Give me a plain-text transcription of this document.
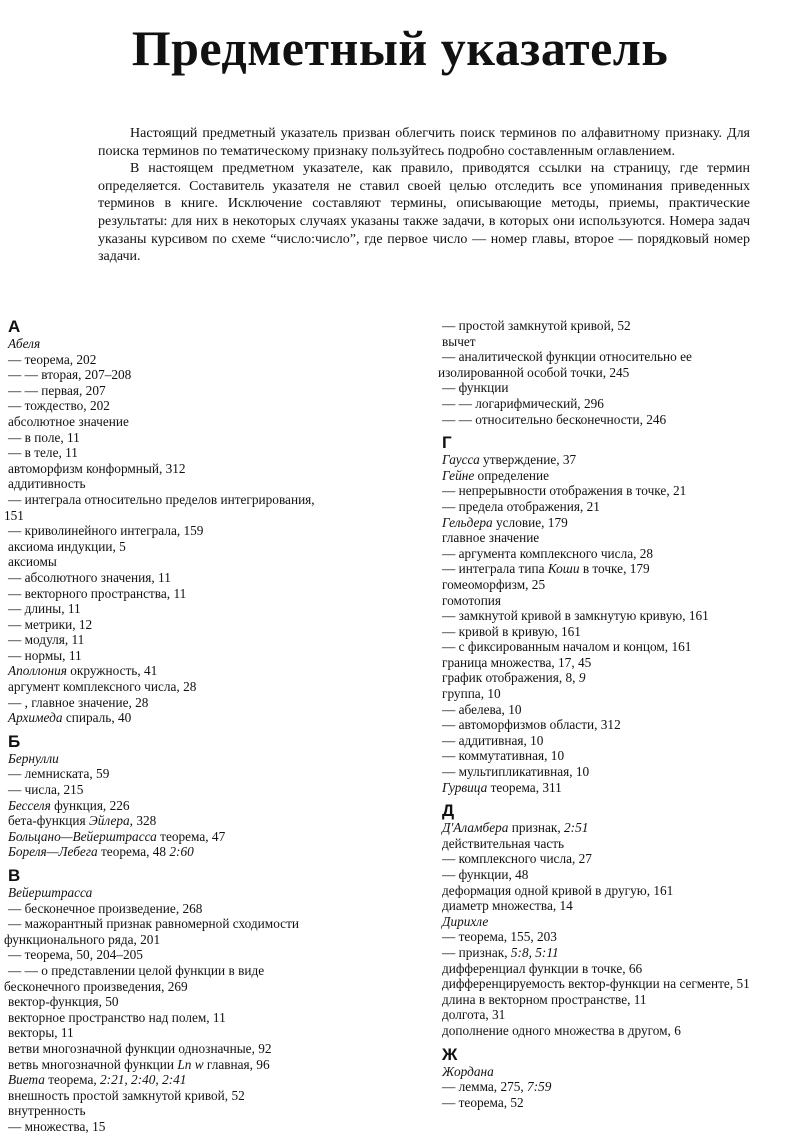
Предметный указатель

Настоящий предметный указатель призван облегчить поиск терминов по алфавитному признаку. Для поиска терминов по тематическому признаку пользуйтесь подробно составленным оглавлением.

В настоящем предметном указателе, как правило, приводятся ссылки на страницу, где термин определяется. Составитель указателя не ставил своей целью отследить все упоминания приведенных терминов в книге. Исключение составляют термины, описывающие методы, приемы, практические результаты: для них в некоторых случаях указаны также задачи, в которых они используются. Номера задач указаны курсивом по схеме “число:число”, где первое число — номер главы, второе — порядковый номер задачи.

А
Абеля
— теорема, 202
— — вторая, 207–208
— — первая, 207
— тождество, 202
абсолютное значение
— в поле, 11
— в теле, 11
автоморфизм конформный, 312
аддитивность
— интеграла относительно пределов интегрирования,
151
— криволинейного интеграла, 159
аксиома индукции, 5
аксиомы
— абсолютного значения, 11
— векторного пространства, 11
— длины, 11
— метрики, 12
— модуля, 11
— нормы, 11
Аполлония окружность, 41
аргумент комплексного числа, 28
— , главное значение, 28
Архимеда спираль, 40
Б
Бернулли
— лемниската, 59
— числа, 215
Бесселя функция, 226
бета-функция Эйлера, 328
Больцано—Вейерштрасса теорема, 47
Бореля—Лебега теорема, 48 2:60
В
Вейерштрасса
— бесконечное произведение, 268
— мажорантный признак равномерной сходимости
функционального ряда, 201
— теорема, 50, 204–205
— — о представлении целой функции в виде
бесконечного произведения, 269
вектор-функция, 50
векторное пространство над полем, 11
векторы, 11
ветви многозначной функции однозначные, 92
ветвь многозначной функции Ln w главная, 96
Виета теорема, 2:21, 2:40, 2:41
внешность простой замкнутой кривой, 52
внутренность
— множества, 15
— простой замкнутой кривой, 52
вычет
— аналитической функции относительно ее
изолированной особой точки, 245
— функции
— — логарифмический, 296
— — относительно бесконечности, 246
Г
Гаусса утверждение, 37
Гейне определение
— непрерывности отображения в точке, 21
— предела отображения, 21
Гельдера условие, 179
главное значение
— аргумента комплексного числа, 28
— интеграла типа Коши в точке, 179
гомеоморфизм, 25
гомотопия
— замкнутой кривой в замкнутую кривую, 161
— кривой в кривую, 161
— с фиксированным началом и концом, 161
граница множества, 17, 45
график отображения, 8, 9
группа, 10
— абелева, 10
— автоморфизмов области, 312
— аддитивная, 10
— коммутативная, 10
— мультипликативная, 10
Гурвица теорема, 311
Д
Д'Аламбера признак, 2:51
действительная часть
— комплексного числа, 27
— функции, 48
деформация одной кривой в другую, 161
диаметр множества, 14
Дирихле
— теорема, 155, 203
— признак, 5:8, 5:11
дифференциал функции в точке, 66
дифференцируемость вектор-функции на сегменте, 51
длина в векторном пространстве, 11
долгота, 31
дополнение одного множества в другом, 6
Ж
Жордана
— лемма, 275, 7:59
— теорема, 52
